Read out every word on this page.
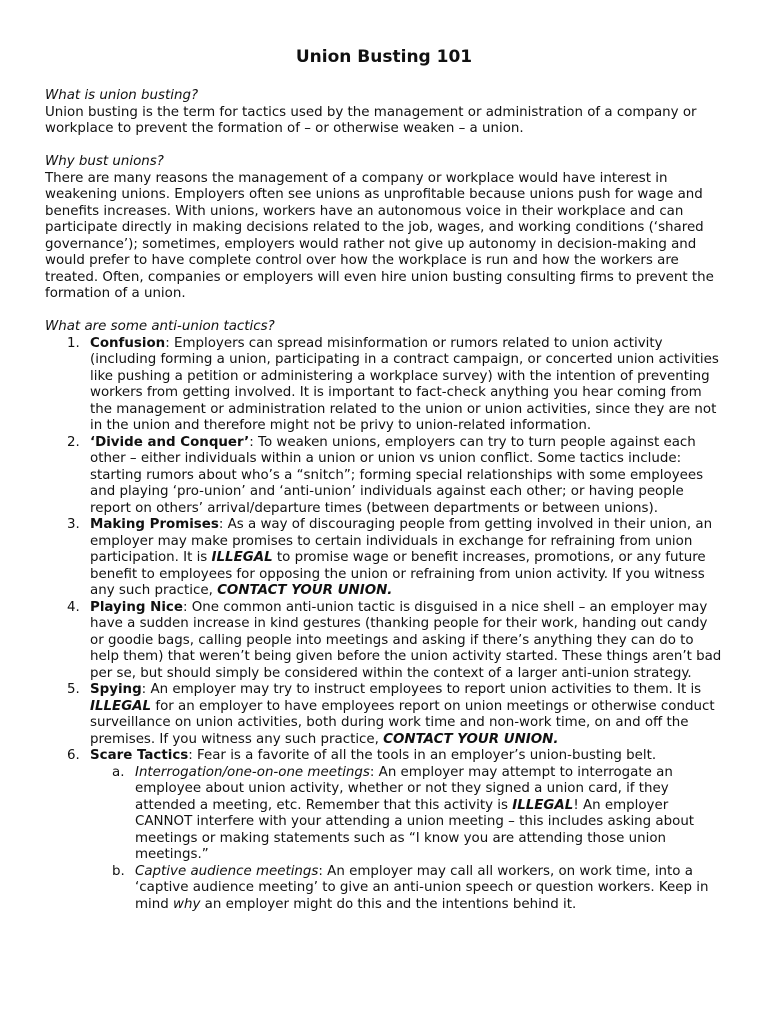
Union Busting 101

What is union busting?

Union busting is the term for tactics used by the management or administration of a company or workplace to prevent the formation of – or otherwise weaken – a union.

Why bust unions?

There are many reasons the management of a company or workplace would have interest in weakening unions. Employers often see unions as unprofitable because unions push for wage and benefits increases. With unions, workers have an autonomous voice in their workplace and can participate directly in making decisions related to the job, wages, and working conditions (‘shared governance’); sometimes, employers would rather not give up autonomy in decision-making and would prefer to have complete control over how the workplace is run and how the workers are treated. Often, companies or employers will even hire union busting consulting firms to prevent the formation of a union.

What are some anti-union tactics?

1. Confusion: Employers can spread misinformation or rumors related to union activity (including forming a union, participating in a contract campaign, or concerted union activities like pushing a petition or administering a workplace survey) with the intention of preventing workers from getting involved. It is important to fact-check anything you hear coming from the management or administration related to the union or union activities, since they are not in the union and therefore might not be privy to union-related information.
2. ‘Divide and Conquer’: To weaken unions, employers can try to turn people against each other – either individuals within a union or union vs union conflict. Some tactics include: starting rumors about who’s a “snitch”; forming special relationships with some employees and playing ‘pro-union’ and ‘anti-union’ individuals against each other; or having people report on others’ arrival/departure times (between departments or between unions).
3. Making Promises: As a way of discouraging people from getting involved in their union, an employer may make promises to certain individuals in exchange for refraining from union participation. It is ILLEGAL to promise wage or benefit increases, promotions, or any future benefit to employees for opposing the union or refraining from union activity. If you witness any such practice, CONTACT YOUR UNION.
4. Playing Nice: One common anti-union tactic is disguised in a nice shell – an employer may have a sudden increase in kind gestures (thanking people for their work, handing out candy or goodie bags, calling people into meetings and asking if there’s anything they can do to help them) that weren’t being given before the union activity started. These things aren’t bad per se, but should simply be considered within the context of a larger anti-union strategy.
5. Spying: An employer may try to instruct employees to report union activities to them. It is ILLEGAL for an employer to have employees report on union meetings or otherwise conduct surveillance on union activities, both during work time and non-work time, on and off the premises. If you witness any such practice, CONTACT YOUR UNION.
6. Scare Tactics: Fear is a favorite of all the tools in an employer’s union-busting belt.
a. Interrogation/one-on-one meetings: An employer may attempt to interrogate an employee about union activity, whether or not they signed a union card, if they attended a meeting, etc. Remember that this activity is ILLEGAL! An employer CANNOT interfere with your attending a union meeting – this includes asking about meetings or making statements such as “I know you are attending those union meetings.”
b. Captive audience meetings: An employer may call all workers, on work time, into a ‘captive audience meeting’ to give an anti-union speech or question workers. Keep in mind why an employer might do this and the intentions behind it.
